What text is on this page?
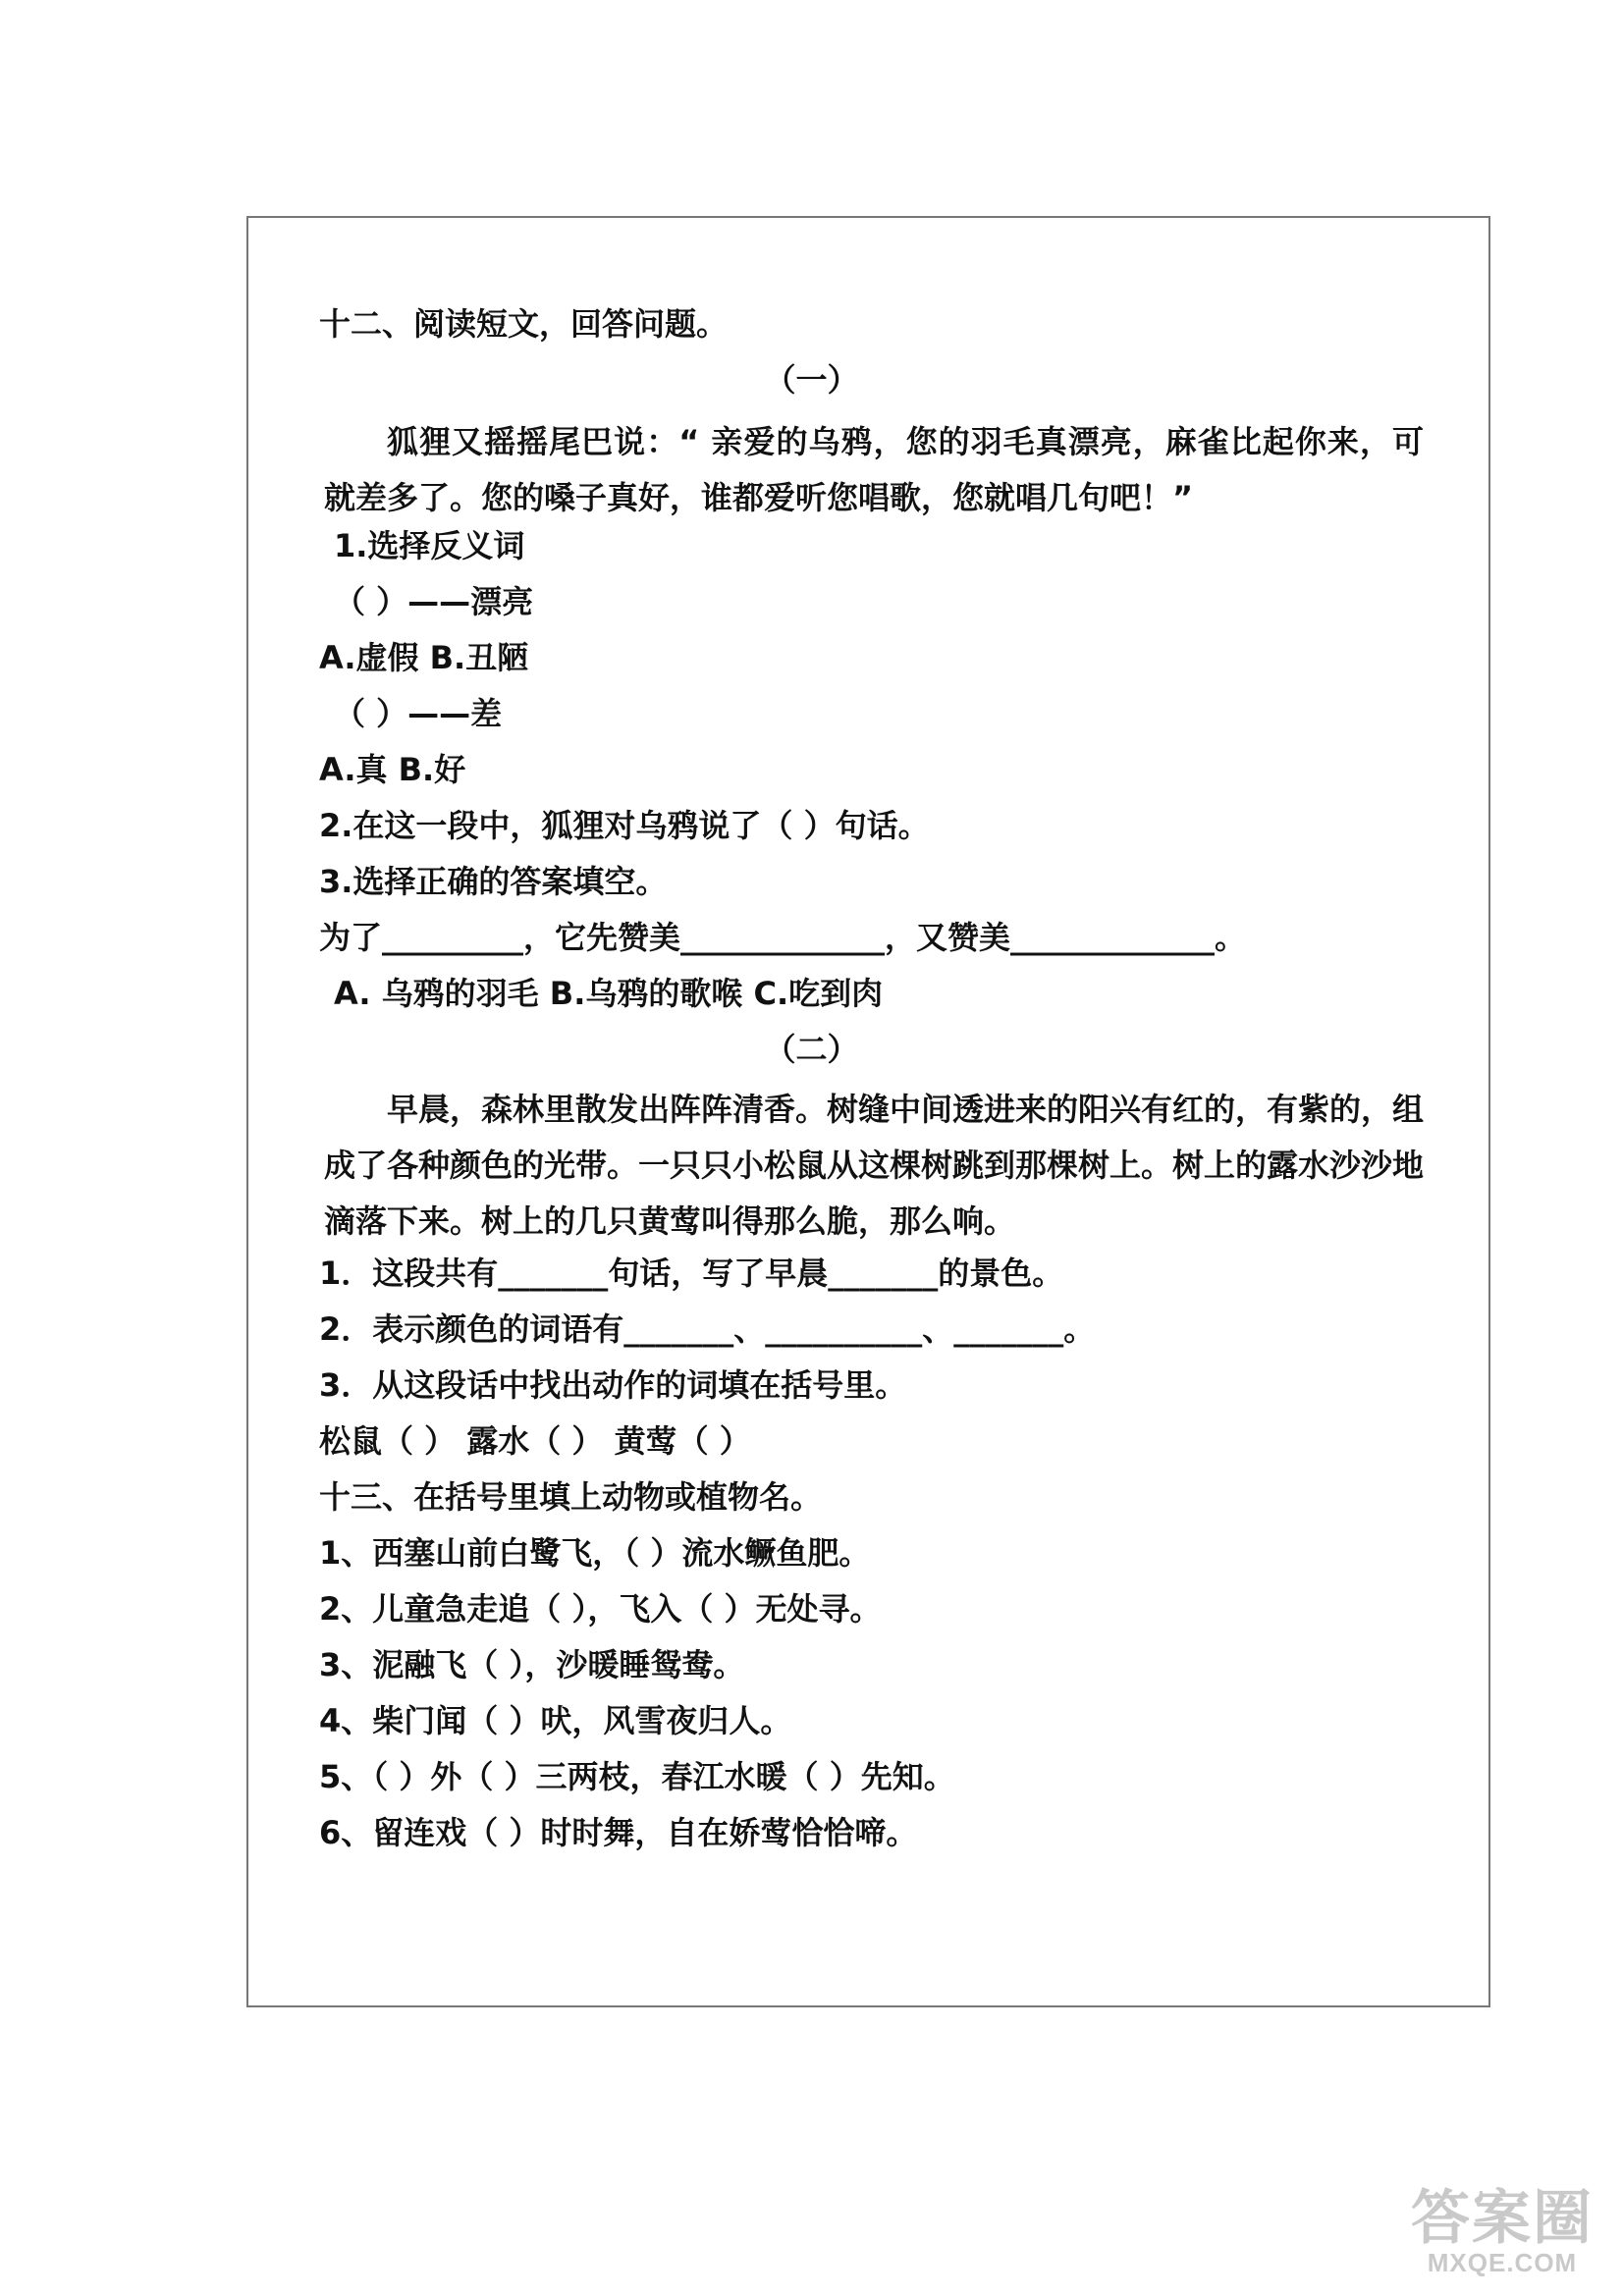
十二、阅读短文，回答问题。
（一）
狐狸又摇摇尾巴说：“ 亲爱的乌鸦，您的羽毛真漂亮，麻雀比起你来，可就差多了。您的嗓子真好，谁都爱听您唱歌，您就唱几句吧！”
1.选择反义词
（ ）——漂亮
A.虚假 B.丑陋
（ ）——差
A.真 B.好
2.在这一段中，狐狸对乌鸦说了（ ）句话。
3.选择正确的答案填空。
为了_________，它先赞美_____________，又赞美_____________。
A. 乌鸦的羽毛 B.乌鸦的歌喉 C.吃到肉
（二）
早晨，森林里散发出阵阵清香。树缝中间透进来的阳兴有红的，有紫的，组成了各种颜色的光带。一只只小松鼠从这棵树跳到那棵树上。树上的露水沙沙地滴落下来。树上的几只黄莺叫得那么脆，那么响。
1．这段共有_______句话，写了早晨_______的景色。
2．表示颜色的词语有_______、__________、_______。
3．从这段话中找出动作的词填在括号里。
松鼠（ ） 露水（ ） 黄莺（ ）
十三、在括号里填上动物或植物名。
1、西塞山前白鹭飞，（ ）流水鳜鱼肥。
2、儿童急走追（ ），飞入（ ）无处寻。
3、泥融飞（ ），沙暖睡鸳鸯。
4、柴门闻（ ）吠，风雪夜归人。
5、（ ）外（ ）三两枝，春江水暖（ ）先知。
6、留连戏（ ）时时舞，自在娇莺恰恰啼。
答案圈
MXQE.COM
